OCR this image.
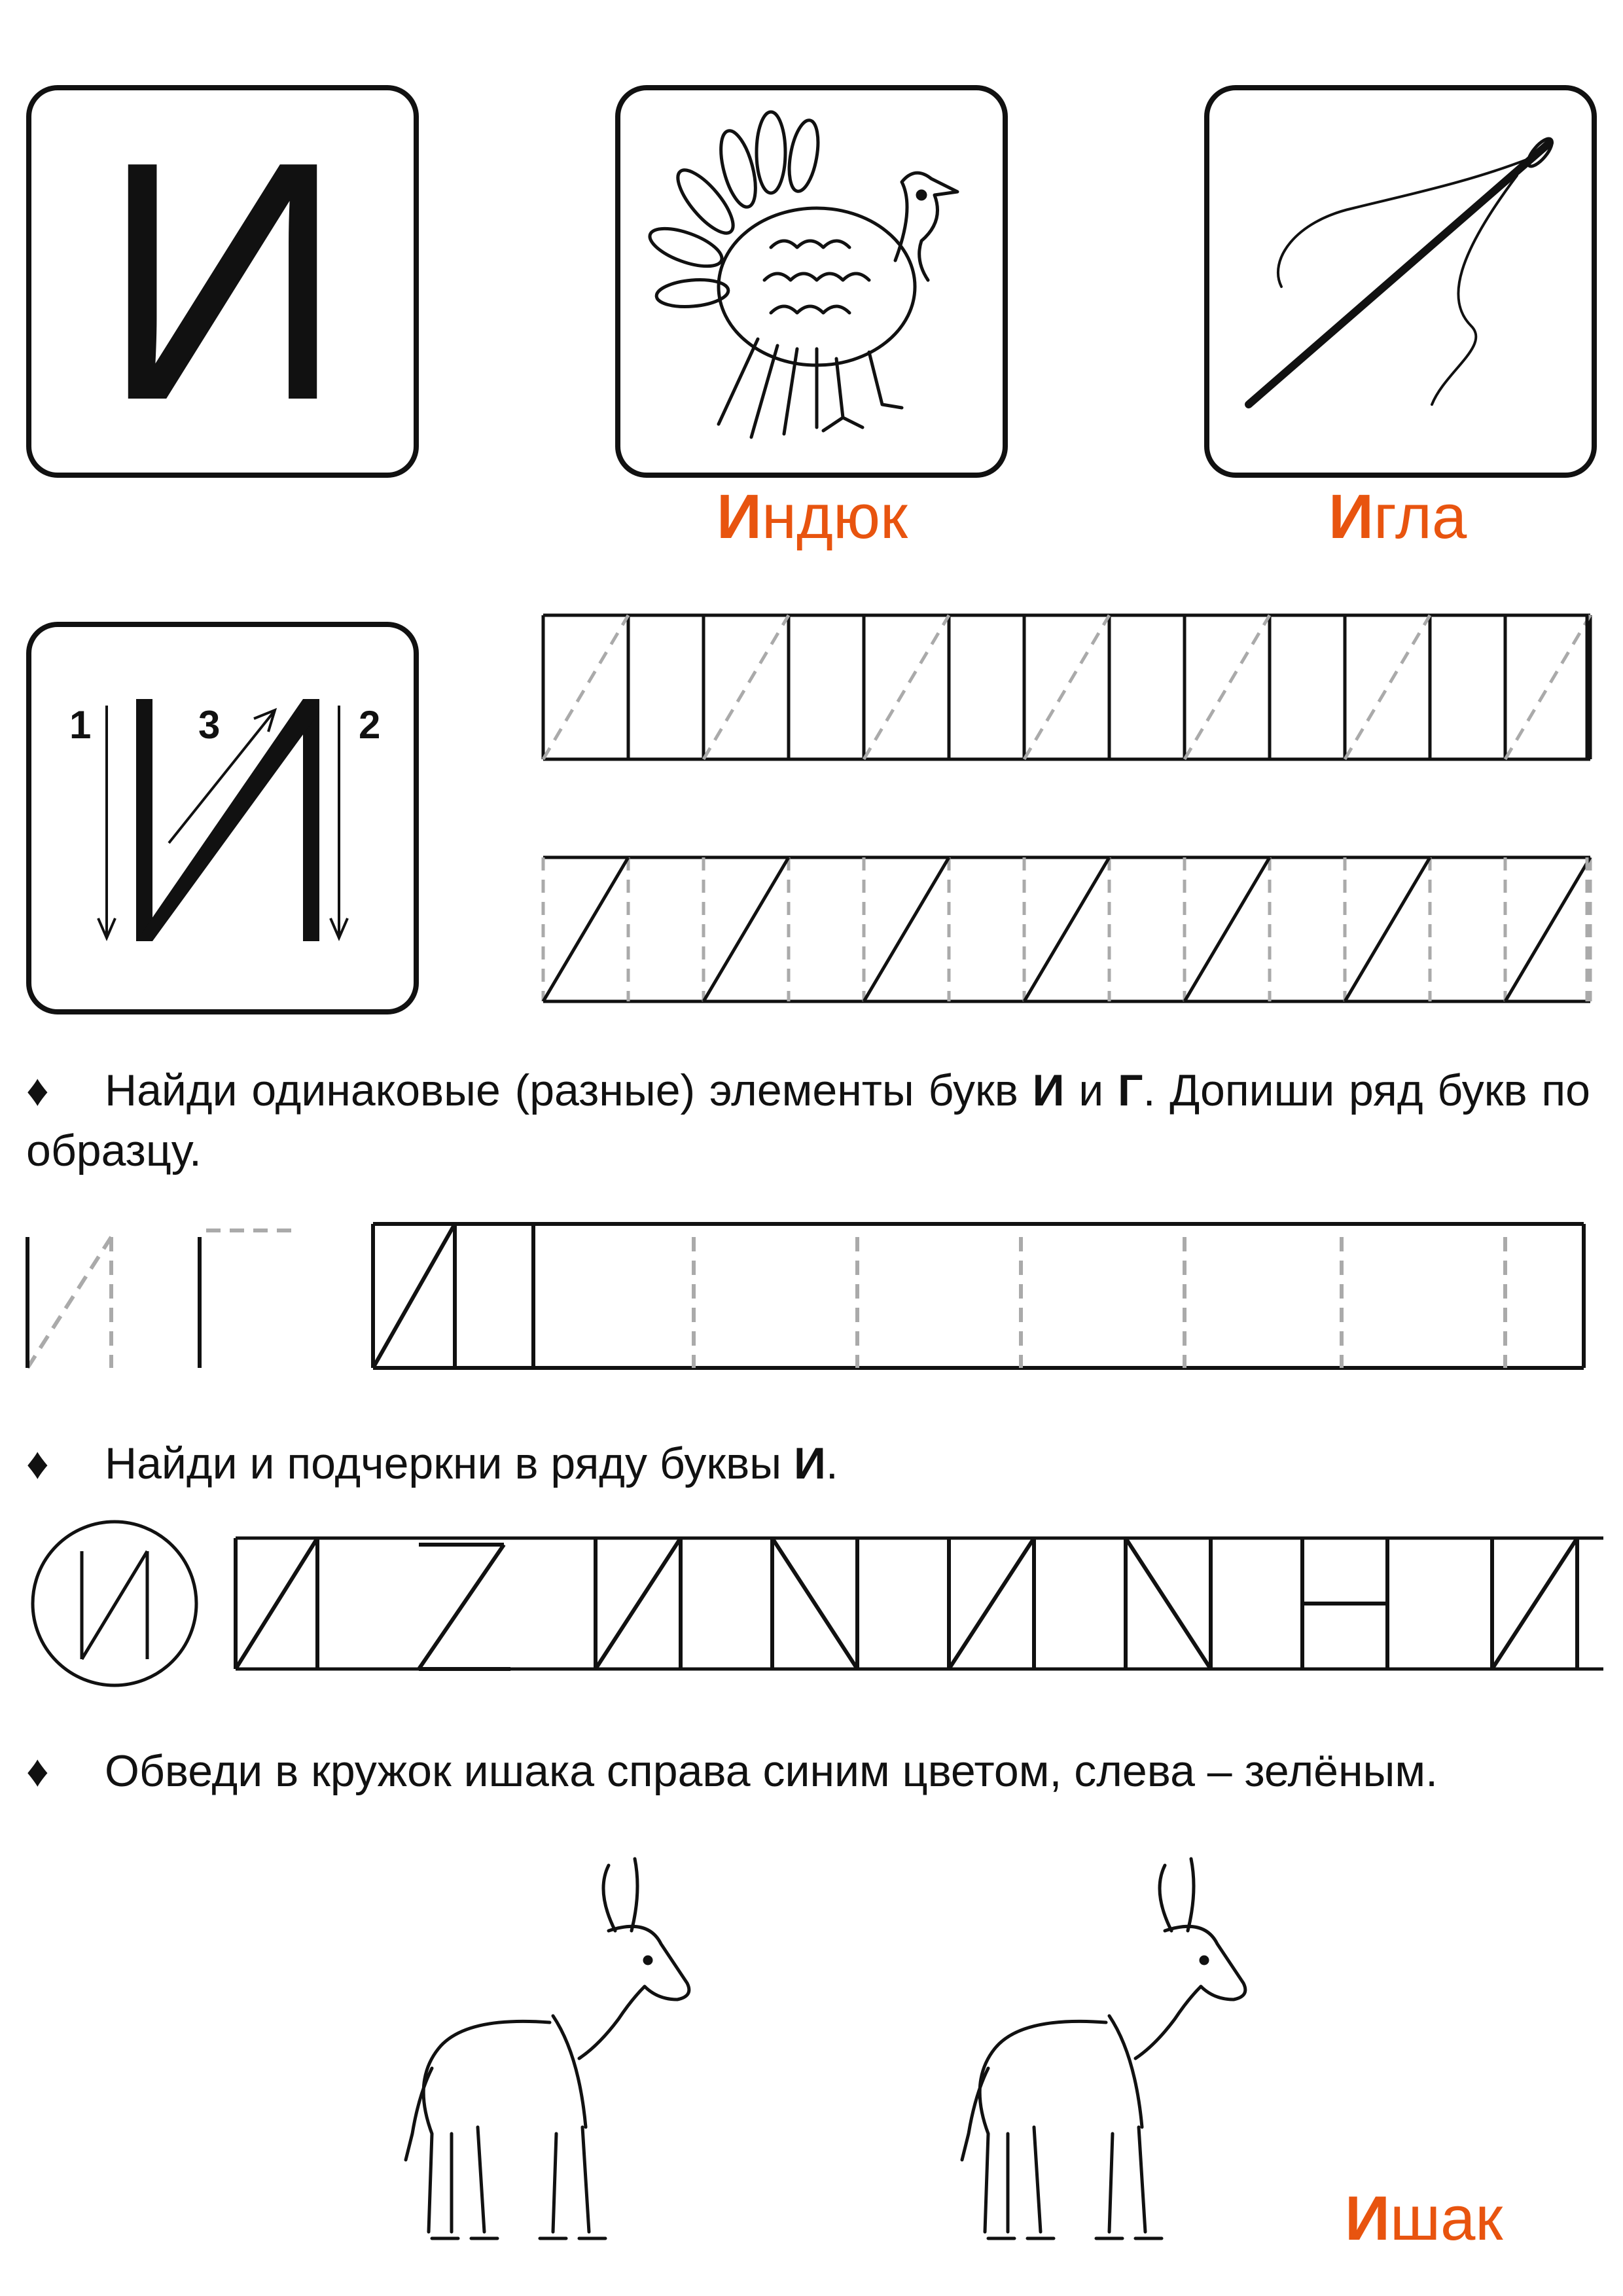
И
Индюк	Игла
1	3	2
♦ Найди одинаковые (разные) элементы букв И и Г. Допиши ряд букв по образцу.
♦ Найди и подчеркни в ряду буквы И.
♦ Обведи в кружок ишака справа синим цветом, слева – зелёным.
Ишак
